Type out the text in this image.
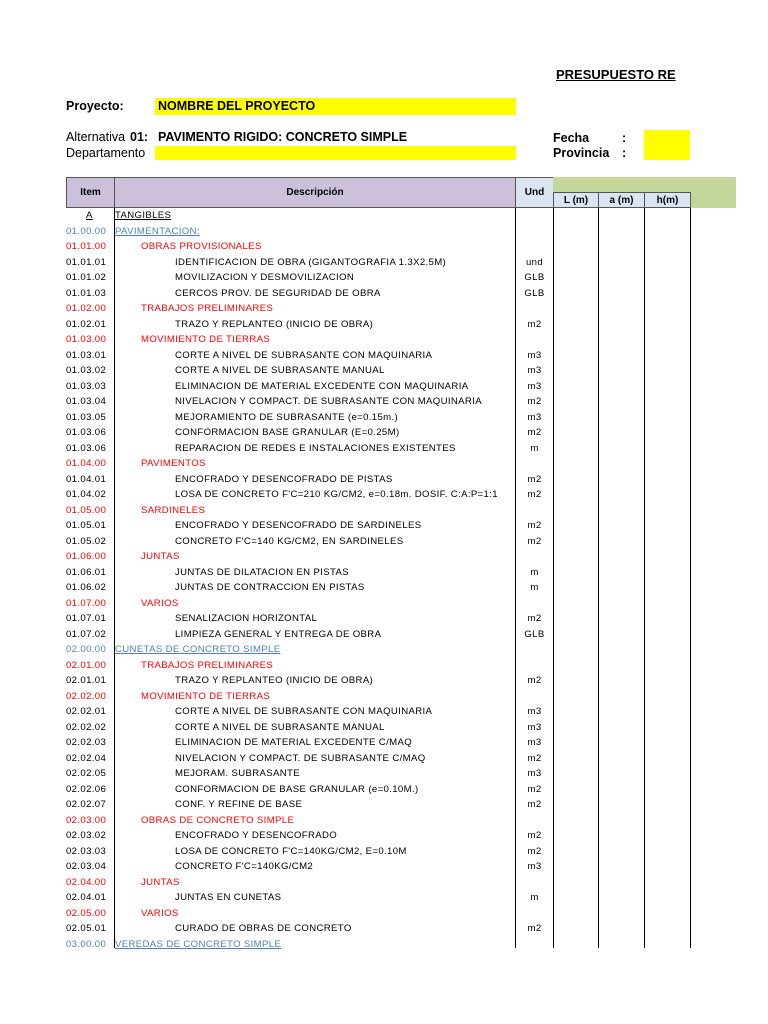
PRESUPUESTO RE
Proyecto:	NOMBRE DEL PROYECTO
Alternativa 01: PAVIMENTO RIGIDO: CONCRETO SIMPLE	Fecha	:
Departamento	Provincia :
Item	Descripción	Und
L (m)	a (m)	h(m)
A TANGIBLES
01.00.00 PAVIMENTACION:
01.01.00	OBRAS PROVISIONALES
01.01.01	IDENTIFICACION DE OBRA (GIGANTOGRAFIA 1.3X2.5M)	und
01.01.02	MOVILIZACION Y DESMOVILIZACION	GLB
01.01.03	CERCOS PROV. DE SEGURIDAD DE OBRA	GLB
01.02.00	TRABAJOS PRELIMINARES
01.02.01	TRAZO Y REPLANTEO (INICIO DE OBRA)	m2
01.03.00	MOVIMIENTO DE TIERRAS
01.03.01	CORTE A NIVEL DE SUBRASANTE CON MAQUINARIA	m3
01.03.02	CORTE A NIVEL DE SUBRASANTE MANUAL	m3
01.03.03	ELIMINACION DE MATERIAL EXCEDENTE CON MAQUINARIA	m3
01.03.04	NIVELACION Y COMPACT. DE SUBRASANTE CON MAQUINARIA	m2
01.03.05	MEJORAMIENTO DE SUBRASANTE (e=0.15m.)	m3
01.03.06	CONFORMACION BASE GRANULAR (E=0.25M)	m2
01.03.06	REPARACION DE REDES E INSTALACIONES EXISTENTES	m
01.04.00	PAVIMENTOS
01.04.01	ENCOFRADO Y DESENCOFRADO DE PISTAS	m2
01.04.02	LOSA DE CONCRETO F'C=210 KG/CM2, e=0.18m. DOSIF. C:A:P=1:1	m2
01.05.00	SARDINELES
01.05.01	ENCOFRADO Y DESENCOFRADO DE SARDINELES	m2
01.05.02	CONCRETO F'C=140 KG/CM2, EN SARDINELES	m2
01.06.00	JUNTAS
01.06.01	JUNTAS DE DILATACION EN PISTAS	m
01.06.02	JUNTAS DE CONTRACCION EN PISTAS	m
01.07.00	VARIOS
01.07.01	SENALIZACION HORIZONTAL	m2
01.07.02	LIMPIEZA GENERAL Y ENTREGA DE OBRA	GLB
02.00.00 CUNETAS DE CONCRETO SIMPLE
02.01.00	TRABAJOS PRELIMINARES
02.01.01	TRAZO Y REPLANTEO (INICIO DE OBRA)	m2
02.02.00	MOVIMIENTO DE TIERRAS
02.02.01	CORTE A NIVEL DE SUBRASANTE CON MAQUINARIA	m3
02.02.02	CORTE A NIVEL DE SUBRASANTE MANUAL	m3
02.02.03	ELIMINACION DE MATERIAL EXCEDENTE C/MAQ	m3
02.02.04	NIVELACION Y COMPACT. DE SUBRASANTE C/MAQ	m2
02.02.05	MEJORAM. SUBRASANTE	m3
02.02.06	CONFORMACION DE BASE GRANULAR (e=0.10M.)	m2
02.02.07	CONF. Y REFINE DE BASE	m2
02.03.00	OBRAS DE CONCRETO SIMPLE
02.03.02	ENCOFRADO Y DESENCOFRADO	m2
02.03.03	LOSA DE CONCRETO F'C=140KG/CM2, E=0.10M	m2
02.03.04	CONCRETO F'C=140KG/CM2	m3
02.04.00	JUNTAS
02.04.01	JUNTAS EN CUNETAS	m
02.05.00	VARIOS
02.05.01	CURADO DE OBRAS DE CONCRETO	m2
03.00.00 VEREDAS DE CONCRETO SIMPLE
